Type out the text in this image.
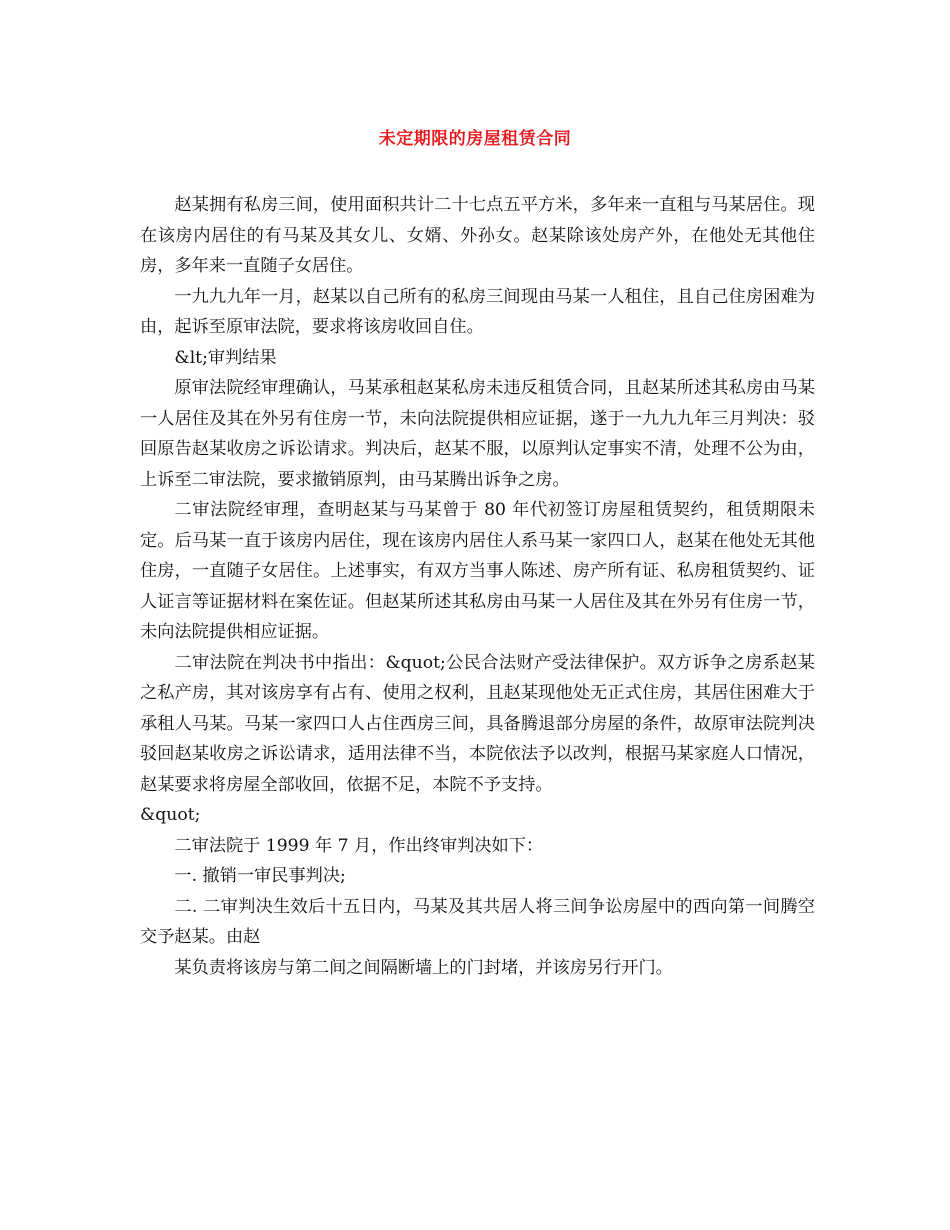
未定期限的房屋租赁合同

赵某拥有私房三间，使用面积共计二十七点五平方米，多年来一直租与马某居住。现在该房内居住的有马某及其女儿、女婿、外孙女。赵某除该处房产外，在他处无其他住房，多年来一直随子女居住。

一九九九年一月，赵某以自己所有的私房三间现由马某一人租住，且自己住房困难为由，起诉至原审法院，要求将该房收回自住。

&lt;审判结果

原审法院经审理确认，马某承租赵某私房未违反租赁合同，且赵某所述其私房由马某一人居住及其在外另有住房一节，未向法院提供相应证据，遂于一九九九年三月判决：驳回原告赵某收房之诉讼请求。判决后，赵某不服，以原判认定事实不清，处理不公为由，上诉至二审法院，要求撤销原判，由马某腾出诉争之房。

二审法院经审理，查明赵某与马某曾于 80 年代初签订房屋租赁契约，租赁期限未定。后马某一直于该房内居住，现在该房内居住人系马某一家四口人，赵某在他处无其他住房，一直随子女居住。上述事实，有双方当事人陈述、房产所有证、私房租赁契约、证人证言等证据材料在案佐证。但赵某所述其私房由马某一人居住及其在外另有住房一节，未向法院提供相应证据。

二审法院在判决书中指出：&quot;公民合法财产受法律保护。双方诉争之房系赵某之私产房，其对该房享有占有、使用之权利，且赵某现他处无正式住房，其居住困难大于承租人马某。马某一家四口人占住西房三间，具备腾退部分房屋的条件，故原审法院判决驳回赵某收房之诉讼请求，适用法律不当，本院依法予以改判，根据马某家庭人口情况，赵某要求将房屋全部收回，依据不足，本院不予支持。

&quot;

二审法院于 1999 年 7 月，作出终审判决如下：

一. 撤销一审民事判决;

二. 二审判决生效后十五日内，马某及其共居人将三间争讼房屋中的西向第一间腾空交予赵某。由赵

某负责将该房与第二间之间隔断墙上的门封堵，并该房另行开门。
